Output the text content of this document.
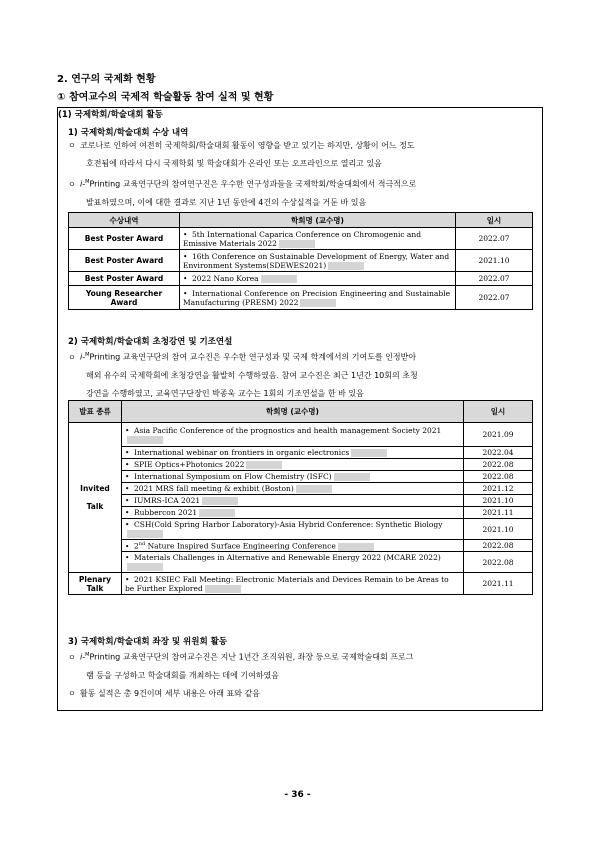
2. 연구의 국제화 현황
① 참여교수의 국제적 학술활동 참여 실적 및 현황
(1) 국제학회/학술대회 활동
1) 국제학회/학술대회 수상 내역
ㅇ 코로나로 인하여 여전히 국제학회/학술대회 활동이 영향을 받고 있기는 하지만, 상황이 어느 정도
호전됨에 따라서 다시 국제학회 및 학술대회가 온라인 또는 오프라인으로 열리고 있음
ㅇ i-$^M$Printing 교육연구단의 참여연구진은 우수한 연구성과들을 국제학회/학술대회에서 적극적으로
발표하였으며, 이에 대한 결과로 지난 1년 동안에 4건의 수상실적을 거둔 바 있음
수상내역	학회명 (교수명)	일시
Best Poster Award	• 5th International Caparica Conference on Chromogenic and Emissive Materials 2022	2022.07
Best Poster Award	• 16th Conference on Sustainable Development of Energy, Water and Environment Systems(SDEWES2021)	2021.10
Best Poster Award	• 2022 Nano Korea	2022.07
Young Researcher Award	• International Conference on Precision Engineering and Sustainable Manufacturing (PRESM) 2022	2022.07
2) 국제학회/학술대회 초청강연 및 기조연설
ㅇ i-$^M$Printing 교육연구단의 참여 교수진은 우수한 연구성과 및 국제 학계에서의 기여도를 인정받아
해외 유수의 국제학회에 초청강연을 활발히 수행하였음. 참여 교수진은 최근 1년간 10회의 초청
강연을 수행하였고, 교육연구단장인 박종욱 교수는 1회의 기조연설을 한 바 있음
발표 종류	학회명 (교수명)	일시
Invited

Talk	• Asia Pacific Conference of the prognostics and health management Society 2021	2021.09
	• International webinar on frontiers in organic electronics	2022.04
	• SPIE Optics+Photonics 2022	2022.08
	• International Symposium on Flow Chemistry (ISFC)	2022.08
	• 2021 MRS fall meeting & exhibit (Boston)	2021.12
	• IUMRS-ICA 2021	2021.10
	• Rubbercon 2021	2021.11
	• CSH(Cold Spring Harbor Laboratory)-Asia Hybrid Conference: Synthetic Biology	2021.10
	• 2nd Nature Inspired Surface Engineering Conference	2022.08
	• Materials Challenges in Alternative and Renewable Energy 2022 (MCARE 2022)	2022.08
Plenary
Talk	• 2021 KSIEC Fall Meeting: Electronic Materials and Devices Remain to be Areas to be Further Explored	2021.11
3) 국제학회/학술대회 좌장 및 위원회 활동
ㅇ i-$^M$Printing 교육연구단의 참여교수진은 지난 1년간 조직위원, 좌장 등으로 국제학술대회 프로그
램 등을 구성하고 학술대회를 개최하는 데에 기여하였음
ㅇ 활동 실적은 총 9건이며 세부 내용은 아래 표와 같음
- 36 -
